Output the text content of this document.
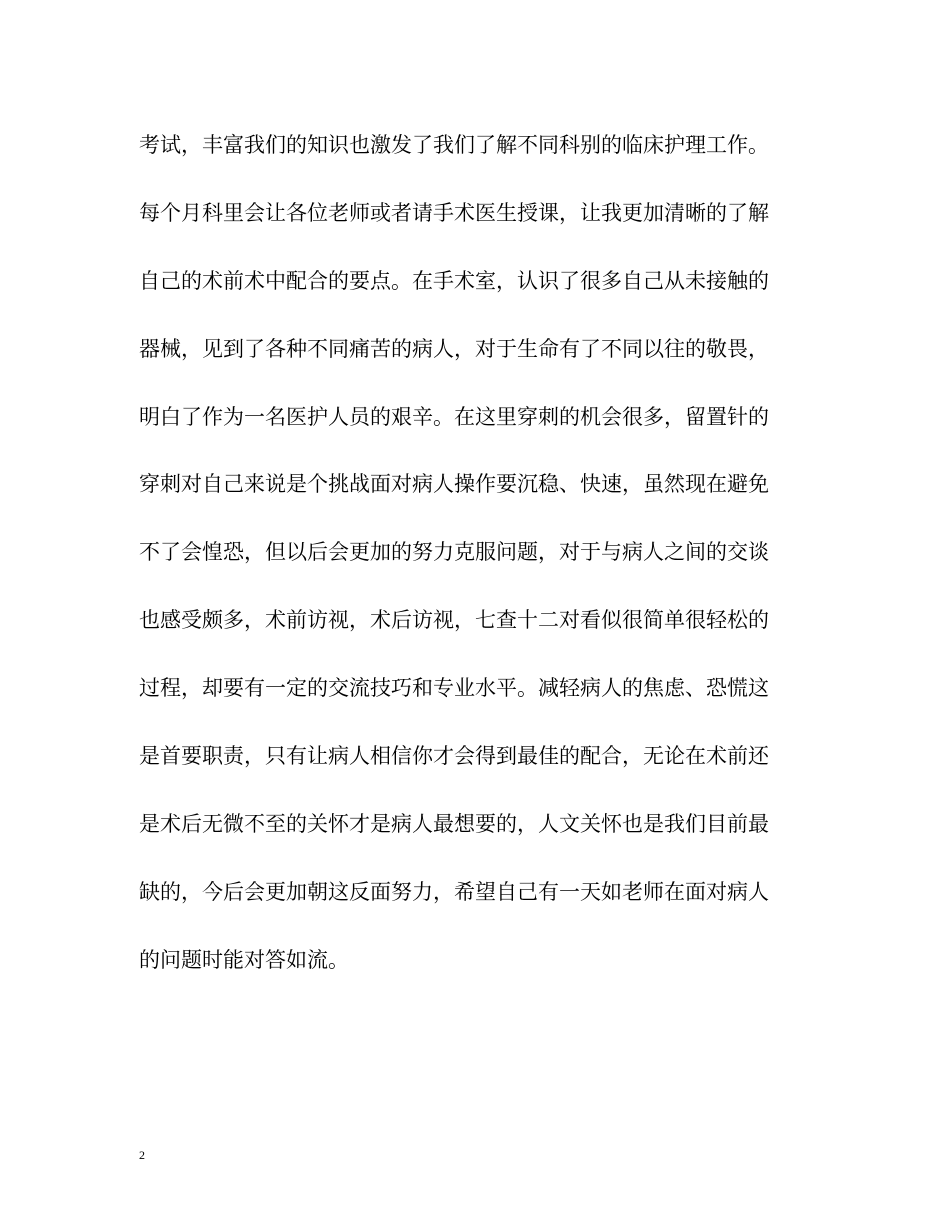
考试，丰富我们的知识也激发了我们了解不同科别的临床护理工作。
每个月科里会让各位老师或者请手术医生授课，让我更加清晰的了解
自己的术前术中配合的要点。在手术室，认识了很多自己从未接触的
器械，见到了各种不同痛苦的病人，对于生命有了不同以往的敬畏，
明白了作为一名医护人员的艰辛。在这里穿刺的机会很多，留置针的
穿刺对自己来说是个挑战面对病人操作要沉稳、快速，虽然现在避免
不了会惶恐，但以后会更加的努力克服问题，对于与病人之间的交谈
也感受颇多，术前访视，术后访视，七查十二对看似很简单很轻松的
过程，却要有一定的交流技巧和专业水平。减轻病人的焦虑、恐慌这
是首要职责，只有让病人相信你才会得到最佳的配合，无论在术前还
是术后无微不至的关怀才是病人最想要的，人文关怀也是我们目前最
缺的，今后会更加朝这反面努力，希望自己有一天如老师在面对病人
的问题时能对答如流。
2
